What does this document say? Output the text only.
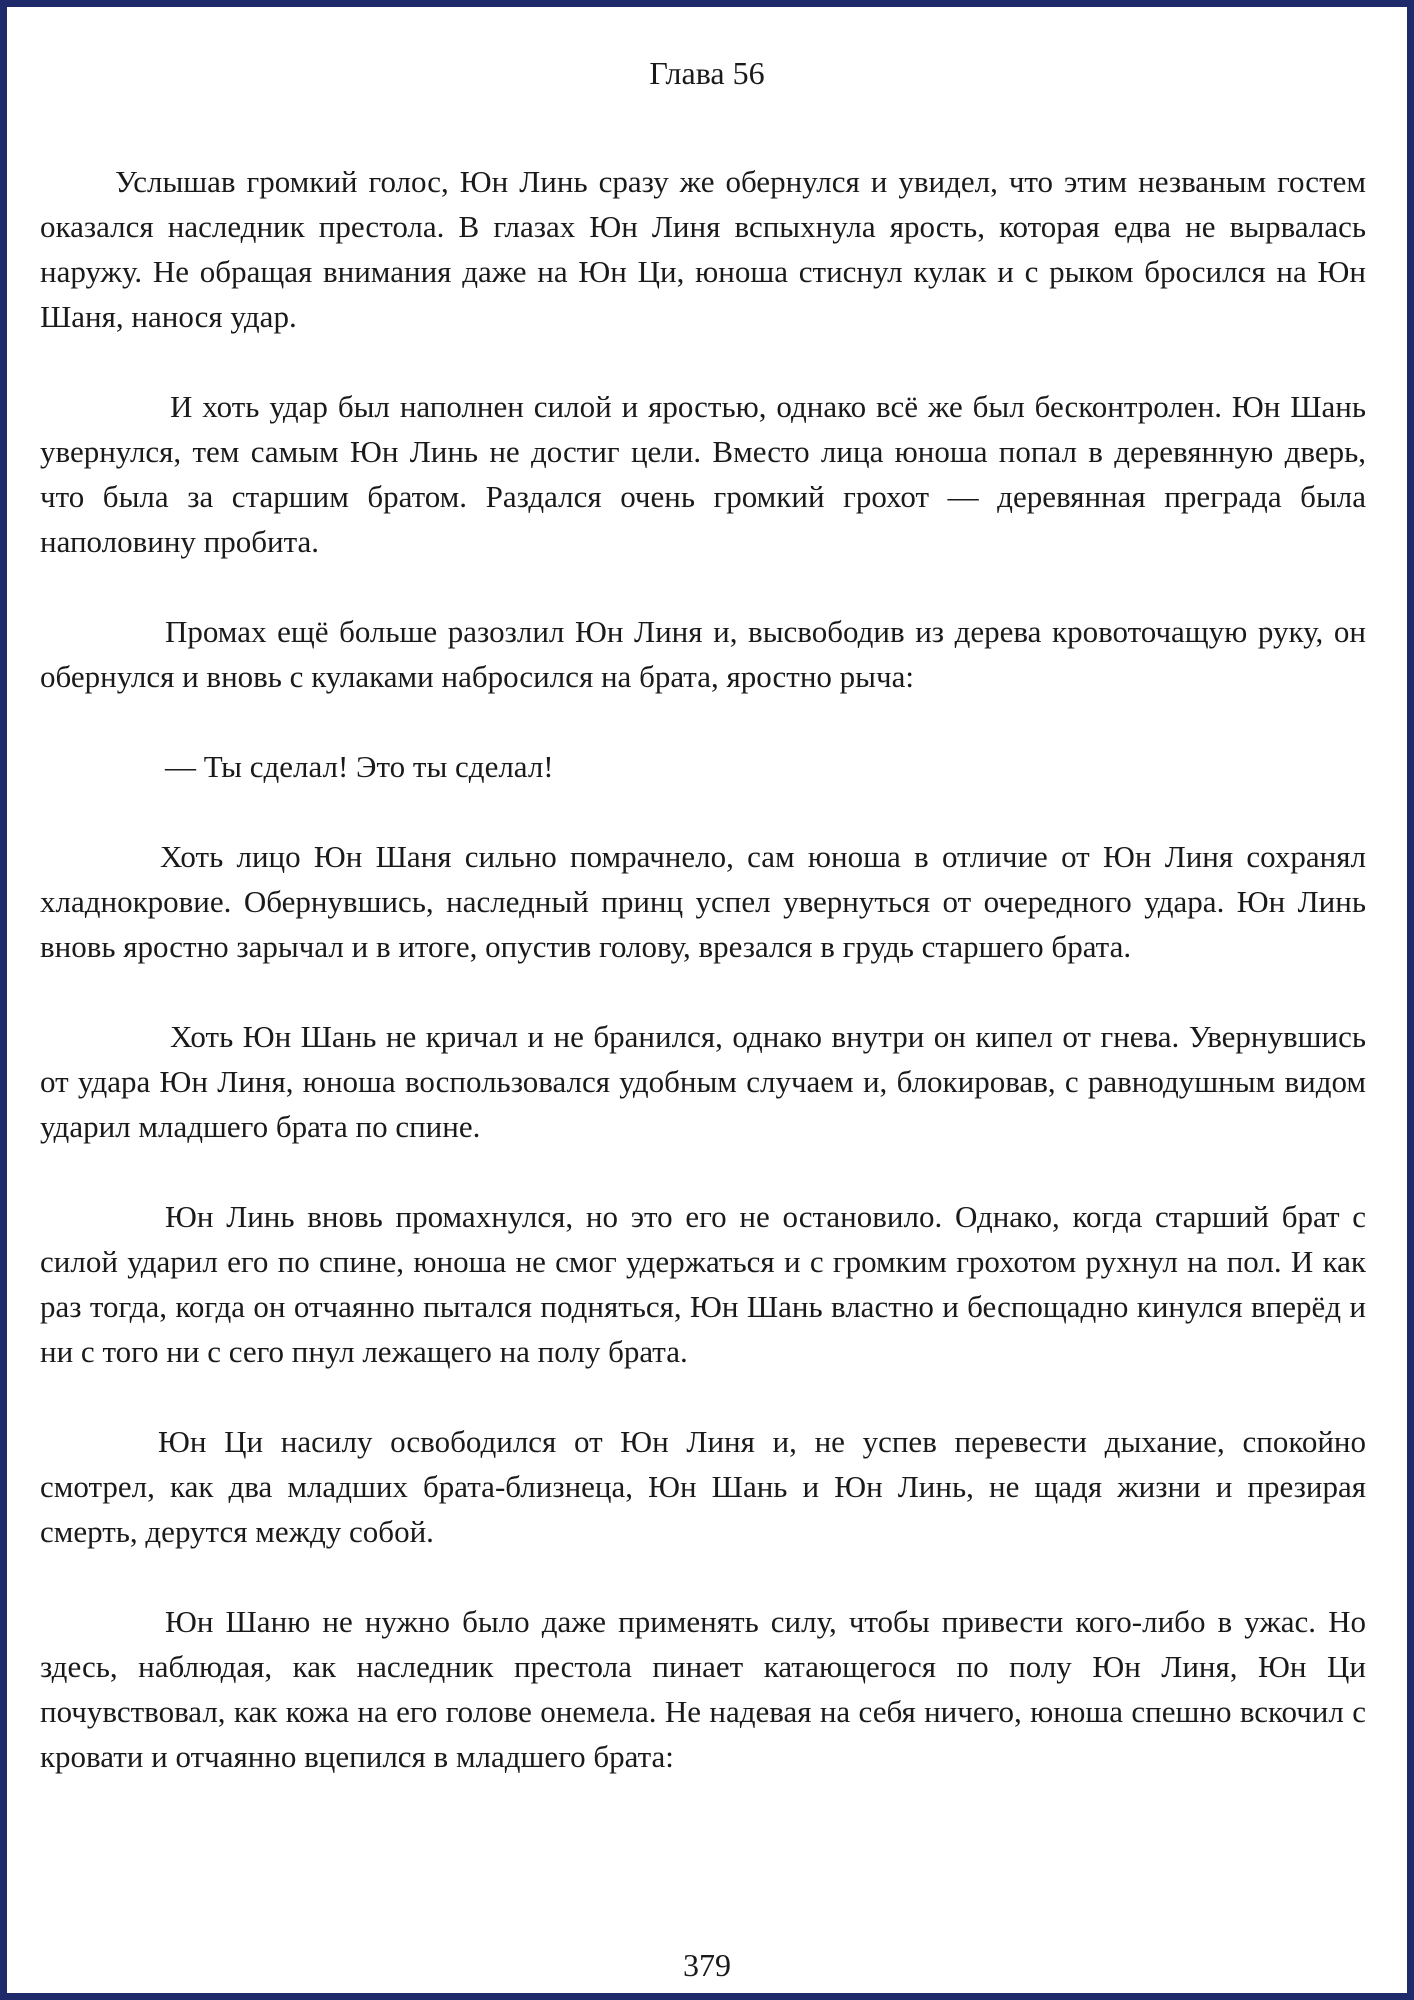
Глава 56

Услышав громкий голос, Юн Линь сразу же обернулся и увидел, что этим незваным гостем оказался наследник престола. В глазах Юн Линя вспыхнула ярость, которая едва не вырвалась наружу. Не обращая внимания даже на Юн Ци, юноша стиснул кулак и с рыком бросился на Юн Шаня, нанося удар.

И хоть удар был наполнен силой и яростью, однако всё же был бесконтролен. Юн Шань увернулся, тем самым Юн Линь не достиг цели. Вместо лица юноша попал в деревянную дверь, что была за старшим братом. Раздался очень громкий грохот — деревянная преграда была наполовину пробита.

Промах ещё больше разозлил Юн Линя и, высвободив из дерева кровоточащую руку, он обернулся и вновь с кулаками набросился на брата, яростно рыча:

— Ты сделал! Это ты сделал!

Хоть лицо Юн Шаня сильно помрачнело, сам юноша в отличие от Юн Линя сохранял хладнокровие. Обернувшись, наследный принц успел увернуться от очередного удара. Юн Линь вновь яростно зарычал и в итоге, опустив голову, врезался в грудь старшего брата.

Хоть Юн Шань не кричал и не бранился, однако внутри он кипел от гнева. Увернувшись от удара Юн Линя, юноша воспользовался удобным случаем и, блокировав, с равнодушным видом ударил младшего брата по спине.

Юн Линь вновь промахнулся, но это его не остановило. Однако, когда старший брат с силой ударил его по спине, юноша не смог удержаться и с громким грохотом рухнул на пол. И как раз тогда, когда он отчаянно пытался подняться, Юн Шань властно и беспощадно кинулся вперёд и ни с того ни с сего пнул лежащего на полу брата.

Юн Ци насилу освободился от Юн Линя и, не успев перевести дыхание, спокойно смотрел, как два младших брата-близнеца, Юн Шань и Юн Линь, не щадя жизни и презирая смерть, дерутся между собой.

Юн Шаню не нужно было даже применять силу, чтобы привести кого-либо в ужас. Но здесь, наблюдая, как наследник престола пинает катающегося по полу Юн Линя, Юн Ци почувствовал, как кожа на его голове онемела. Не надевая на себя ничего, юноша спешно вскочил с кровати и отчаянно вцепился в младшего брата:

379
